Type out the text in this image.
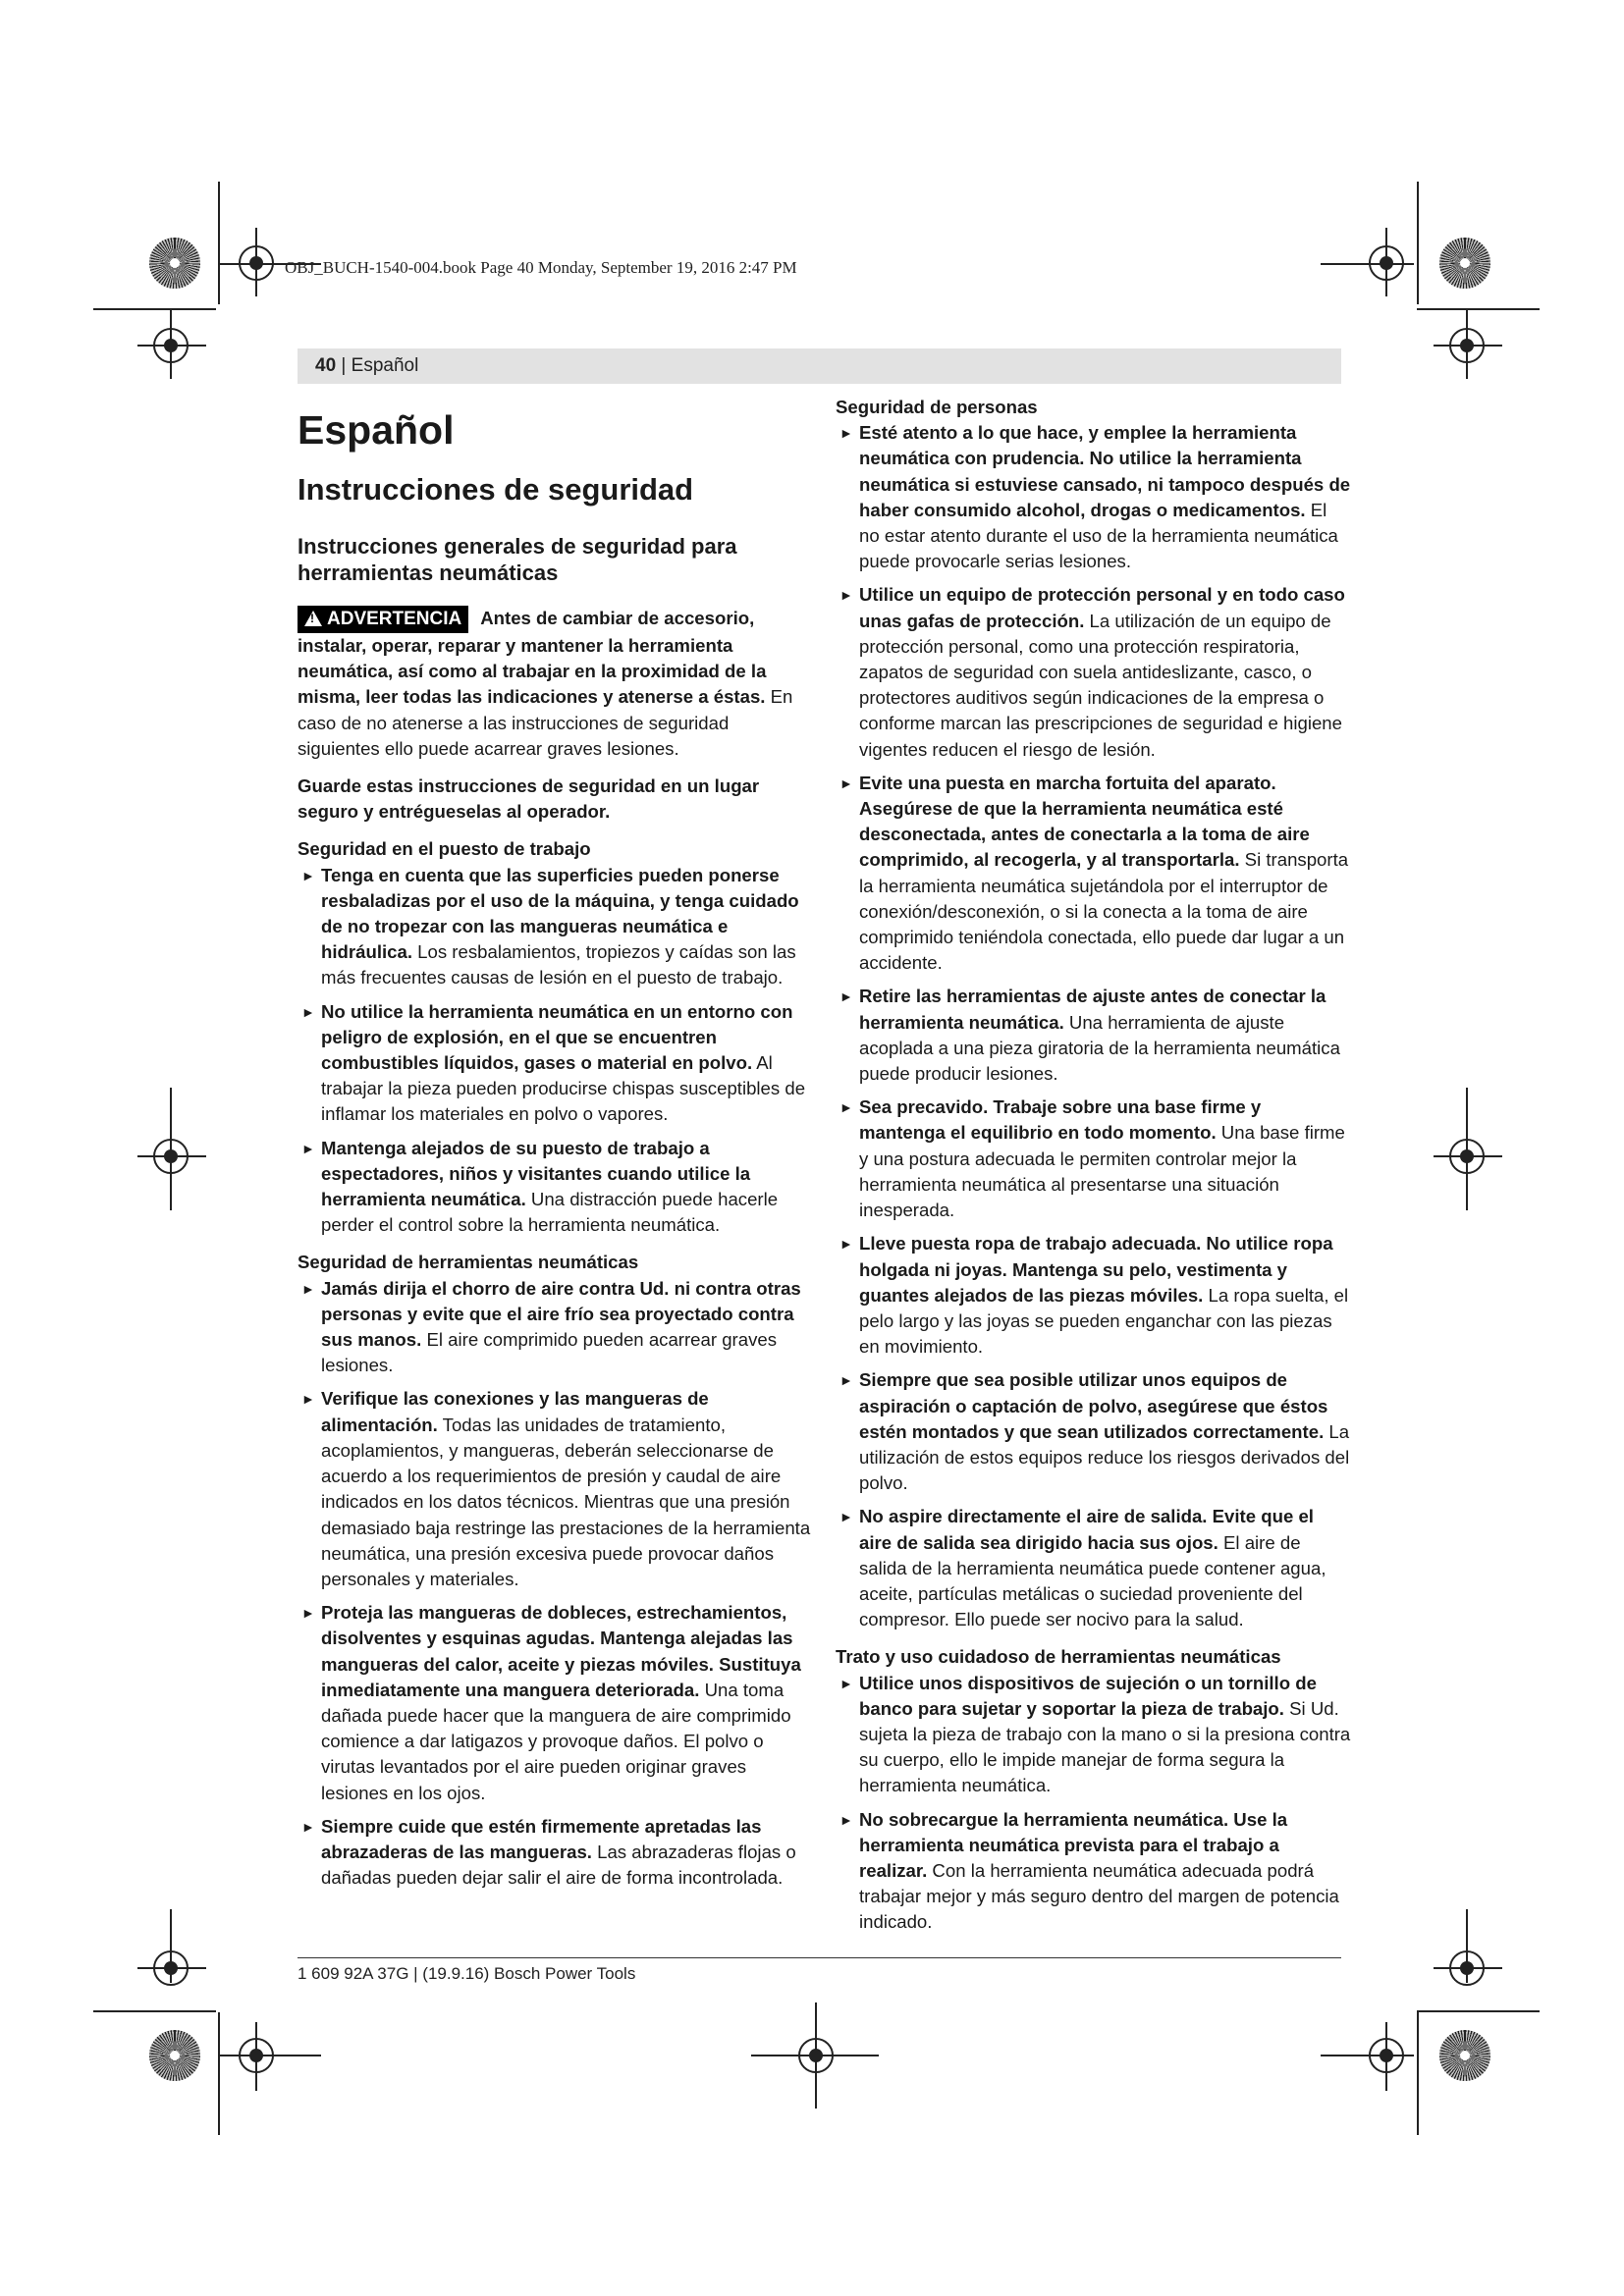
OBJ_BUCH-1540-004.book Page 40 Monday, September 19, 2016 2:47 PM
40 | Español
Español
Instrucciones de seguridad
Instrucciones generales de seguridad para herramientas neumáticas

!ADVERTENCIA Antes de cambiar de accesorio, instalar, operar, reparar y mantener la herramienta neumática, así como al trabajar en la proximidad de la misma, leer todas las indicaciones y atenerse a éstas. En caso de no atenerse a las instrucciones de seguridad siguientes ello puede acarrear graves lesiones.

Guarde estas instrucciones de seguridad en un lugar seguro y entrégueselas al operador.

Seguridad en el puesto de trabajo

► Tenga en cuenta que las superficies pueden ponerse resbaladizas por el uso de la máquina, y tenga cuidado de no tropezar con las mangueras neumática e hidráulica. Los resbalamientos, tropiezos y caídas son las más frecuentes causas de lesión en el puesto de trabajo.

► No utilice la herramienta neumática en un entorno con peligro de explosión, en el que se encuentren combustibles líquidos, gases o material en polvo. Al trabajar la pieza pueden producirse chispas susceptibles de inflamar los materiales en polvo o vapores.

► Mantenga alejados de su puesto de trabajo a espectadores, niños y visitantes cuando utilice la herramienta neumática. Una distracción puede hacerle perder el control sobre la herramienta neumática.

Seguridad de herramientas neumáticas

► Jamás dirija el chorro de aire contra Ud. ni contra otras personas y evite que el aire frío sea proyectado contra sus manos. El aire comprimido pueden acarrear graves lesiones.

► Verifique las conexiones y las mangueras de alimentación. Todas las unidades de tratamiento, acoplamientos, y mangueras, deberán seleccionarse de acuerdo a los requerimientos de presión y caudal de aire indicados en los datos técnicos. Mientras que una presión demasiado baja restringe las prestaciones de la herramienta neumática, una presión excesiva puede provocar daños personales y materiales.

► Proteja las mangueras de dobleces, estrechamientos, disolventes y esquinas agudas. Mantenga alejadas las mangueras del calor, aceite y piezas móviles. Sustituya inmediatamente una manguera deteriorada. Una toma dañada puede hacer que la manguera de aire comprimido comience a dar latigazos y provoque daños. El polvo o virutas levantados por el aire pueden originar graves lesiones en los ojos.

► Siempre cuide que estén firmemente apretadas las abrazaderas de las mangueras. Las abrazaderas flojas o dañadas pueden dejar salir el aire de forma incontrolada.

Seguridad de personas

► Esté atento a lo que hace, y emplee la herramienta neumática con prudencia. No utilice la herramienta neumática si estuviese cansado, ni tampoco después de haber consumido alcohol, drogas o medicamentos. El no estar atento durante el uso de la herramienta neumática puede provocarle serias lesiones.

► Utilice un equipo de protección personal y en todo caso unas gafas de protección. La utilización de un equipo de protección personal, como una protección respiratoria, zapatos de seguridad con suela antideslizante, casco, o protectores auditivos según indicaciones de la empresa o conforme marcan las prescripciones de seguridad e higiene vigentes reducen el riesgo de lesión.

► Evite una puesta en marcha fortuita del aparato. Asegúrese de que la herramienta neumática esté desconectada, antes de conectarla a la toma de aire comprimido, al recogerla, y al transportarla. Si transporta la herramienta neumática sujetándola por el interruptor de conexión/desconexión, o si la conecta a la toma de aire comprimido teniéndola conectada, ello puede dar lugar a un accidente.

► Retire las herramientas de ajuste antes de conectar la herramienta neumática. Una herramienta de ajuste acoplada a una pieza giratoria de la herramienta neumática puede producir lesiones.

► Sea precavido. Trabaje sobre una base firme y mantenga el equilibrio en todo momento. Una base firme y una postura adecuada le permiten controlar mejor la herramienta neumática al presentarse una situación inesperada.

► Lleve puesta ropa de trabajo adecuada. No utilice ropa holgada ni joyas. Mantenga su pelo, vestimenta y guantes alejados de las piezas móviles. La ropa suelta, el pelo largo y las joyas se pueden enganchar con las piezas en movimiento.

► Siempre que sea posible utilizar unos equipos de aspiración o captación de polvo, asegúrese que éstos estén montados y que sean utilizados correctamente. La utilización de estos equipos reduce los riesgos derivados del polvo.

► No aspire directamente el aire de salida. Evite que el aire de salida sea dirigido hacia sus ojos. El aire de salida de la herramienta neumática puede contener agua, aceite, partículas metálicas o suciedad proveniente del compresor. Ello puede ser nocivo para la salud.

Trato y uso cuidadoso de herramientas neumáticas

► Utilice unos dispositivos de sujeción o un tornillo de banco para sujetar y soportar la pieza de trabajo. Si Ud. sujeta la pieza de trabajo con la mano o si la presiona contra su cuerpo, ello le impide manejar de forma segura la herramienta neumática.

► No sobrecargue la herramienta neumática. Use la herramienta neumática prevista para el trabajo a realizar. Con la herramienta neumática adecuada podrá trabajar mejor y más seguro dentro del margen de potencia indicado.

1 609 92A 37G | (19.9.16) Bosch Power Tools
